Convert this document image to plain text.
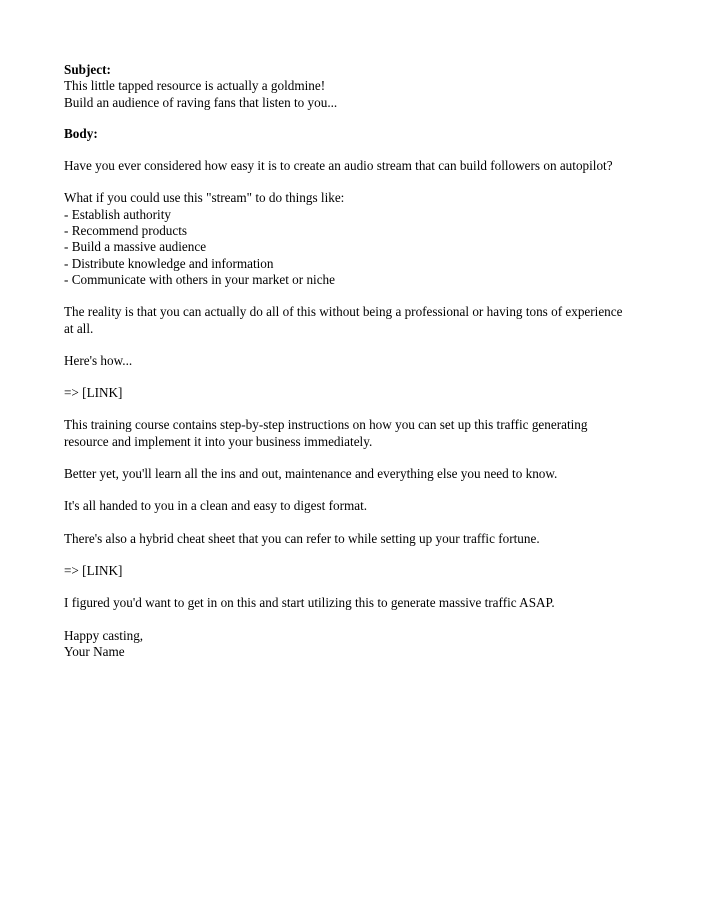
Subject:
This little tapped resource is actually a goldmine!
Build an audience of raving fans that listen to you...
Body:

Have you ever considered how easy it is to create an audio stream that can build followers on autopilot?

What if you could use this "stream" to do things like:

- Establish authority
- Recommend products
- Build a massive audience
- Distribute knowledge and information
- Communicate with others in your market or niche

The reality is that you can actually do all of this without being a professional or having tons of experience at all.

Here's how...

=> [LINK]

This training course contains step-by-step instructions on how you can set up this traffic generating resource and implement it into your business immediately.

Better yet, you'll learn all the ins and out, maintenance and everything else you need to know.

It's all handed to you in a clean and easy to digest format.

There's also a hybrid cheat sheet that you can refer to while setting up your traffic fortune.

=> [LINK]

I figured you'd want to get in on this and start utilizing this to generate massive traffic ASAP.

Happy casting,
Your Name
